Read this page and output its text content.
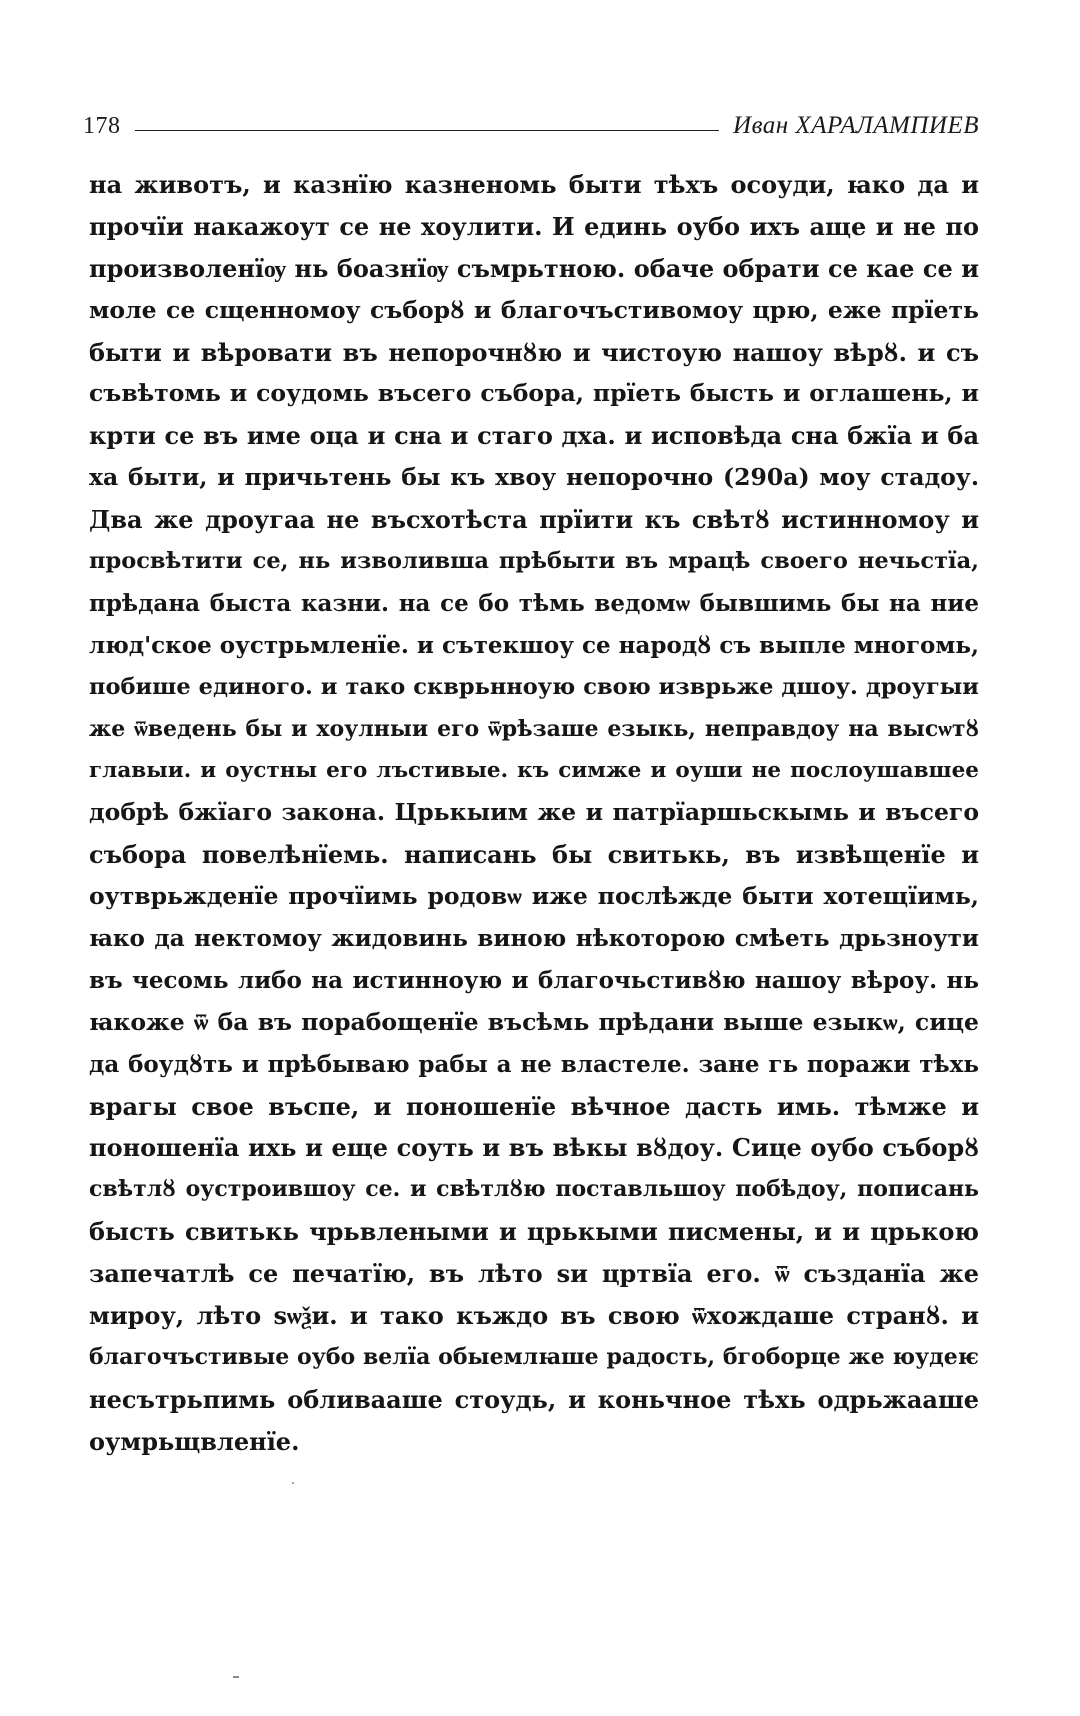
178	Иван ХАРАЛАМПИЕВ
на животъ, и казнїю казненомь быти тѣхъ осоуди, ꙗко да и
прочїи накажоут се не хоулити. И единь оубо ихъ аще и не по
произволенїѹ нь боазнїѹ съмрьтною. обаче обрати се кае се и
моле се сщенномоу съборȣ и благочъстивомоу црю, еже прїеть
быти и вѣровати въ непорочнȣю и чистоую нашоу вѣрȣ. и съ
съвѣтомь и соудомь въсего събора, прїеть бысть и оглашень, и
крти се въ име оца и сна и стаго дха. и исповѣда сна бжїа и ба
ха быти, и причьтень бы къ хвоу непорочно (290а) моу стадоу.
Два же дроугаа не въсхотѣста прїити къ свѣтȣ истинномоу и
просвѣтити се, нь изволивша прѣбыти въ мрацѣ своего нечьстїа,
прѣдана быста казни. на се бо тѣмь ведомѡ бывшимь бы на ние
люд'ское оустрьмленїе. и сътекшоу се народȣ съ выпле многомь,
побише единого. и тако скврьнноую свою изврьже дшоу. дроугыи
же ѿведень бы и хоулныи его ѿрѣзаше езыкь, неправдоу на высѡтȣ
главыи. и оустны его лъстивые. къ симже и оуши не послоушавшее
добрѣ бжїаго закона. Црькыим же и патрїаршьскымь и въсего
събора повелѣнїемь. написань бы свитькь, въ извѣщенїе и
оутврьжденїе прочїимь родовѡ иже послѣжде быти хотещїимь,
ꙗко да нектомоу жидовинь виною нѣкоторою смѣеть дрьзноути
въ чесомь либо на истинноую и благочьстивȣю нашоу вѣроу. нь
ꙗкоже ѿ ба въ порабощенїе въсѣмь прѣдани выше езыкѡ, сице
да боудȣть и прѣбываю рабы а не властеле. зане гь поражи тѣхь
врагы свое въспе, и поношенїе вѣчное дасть имь. тѣмже и
поношенїа ихь и еще соуть и въ вѣкы вȣдоу. Сице оубо съборȣ
свѣтлȣ оустроившоу се. и свѣтлȣю поставльшоу побѣдоу, пописань
бысть свитькь чрьвлеными и црькыми писмены, и и црькою
запечатлѣ се печатїю, въ лѣто ѕи цртвїа его. ѿ създанїа же
мироу, лѣто ѕѡѯи. и тако къждо въ свою ѿхождаше странȣ. и
благочъстивые оубо велїа обыемлꙗше радость, бгоборце же юудеѥ
несътрьпимь обливааше стоудь, и коньчное тѣхь одрьжааше
оумрьщвленїе.
